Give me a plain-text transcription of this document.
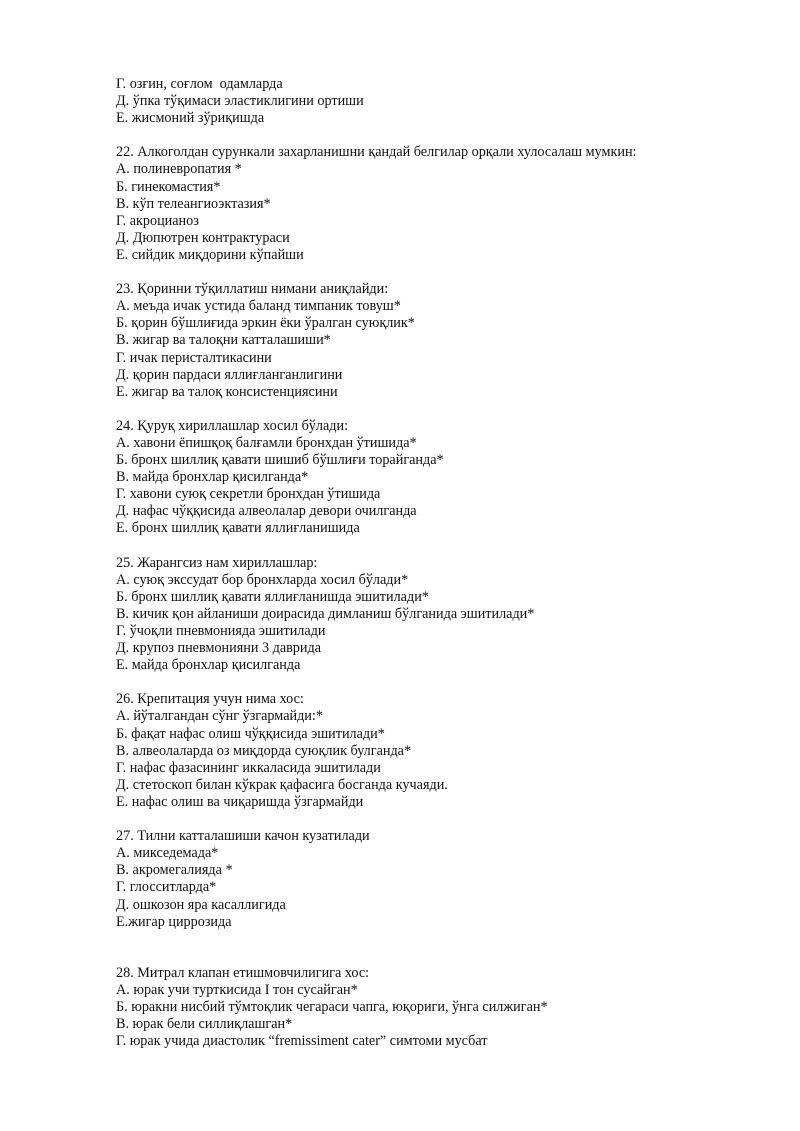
Г. озғин, соғлом  одамларда
Д. ўпка тўқимаси эластиклигини ортиши
Е. жисмоний зўриқишда
22. Алкоголдан сурункали захарланишни қандай белгилар орқали хулосалаш мумкин:
А. полиневропатия *
Б. гинекомастия*
В. кўп телеангиоэктазия*
Г. акроцианоз
Д. Дюпютрен контрактураси
Е. сийдик миқдорини кўпайши
23. Қоринни тўқиллатиш нимани аниқлайди:
А. меъда ичак устида баланд тимпаник товуш*
Б. қорин бўшлиғида эркин ёки ўралган суюқлик*
В. жигар ва талоқни катталашиши*
Г. ичак перисталтикасини
Д. қорин пардаси яллиғланганлигини
Е. жигар ва талоқ консистенциясини
24. Қуруқ хириллашлар хосил бўлади:
А. хавони ёпишқоқ балғамли бронхдан ўтишида*
Б. бронх шиллиқ қавати шишиб бўшлиғи торайганда*
В. майда бронхлар қисилганда*
Г. хавони суюқ секретли бронхдан ўтишида
Д. нафас чўққисида алвеолалар девори очилганда
Е. бронх шиллиқ қавати яллиғланишида
25. Жарангсиз нам хириллашлар:
А. суюқ экссудат бор бронхларда хосил бўлади*
Б. бронх шиллиқ қавати яллиғланишда эшитилади*
В. кичик қон айланиши доирасида димланиш бўлганида эшитилади*
Г. ўчоқли пневмонияда эшитилади
Д. крупоз пневмонияни 3 даврида
Е. майда бронхлар қисилганда
26. Крепитация учун нима хос:
А. йўталгандан сўнг ўзгармайди:*
Б. фақат нафас олиш чўққисида эшитилади*
В. алвеолаларда оз миқдорда суюқлик булганда*
Г. нафас фазасининг иккаласида эшитилади
Д. стетоскоп билан кўкрак қафасига босганда кучаяди.
Е. нафас олиш ва чиқаришда ўзгармайди
27. Тилни катталашиши качон кузатилади
А. микседемада*
В. акромегалияда *
Г. глосситларда*
Д. ошкозон яра касаллигида
Е.жигар циррозида
28. Митрал клапан етишмовчилигига хос:
А. юрак учи турткисида I тон сусайган*
Б. юракни нисбий тўмтоқлик чегараси чапга, юқориги, ўнга силжиган*
В. юрак бели силлиқлашган*
Г. юрак учида диастолик “fremissiment cater” симтоми мусбат
